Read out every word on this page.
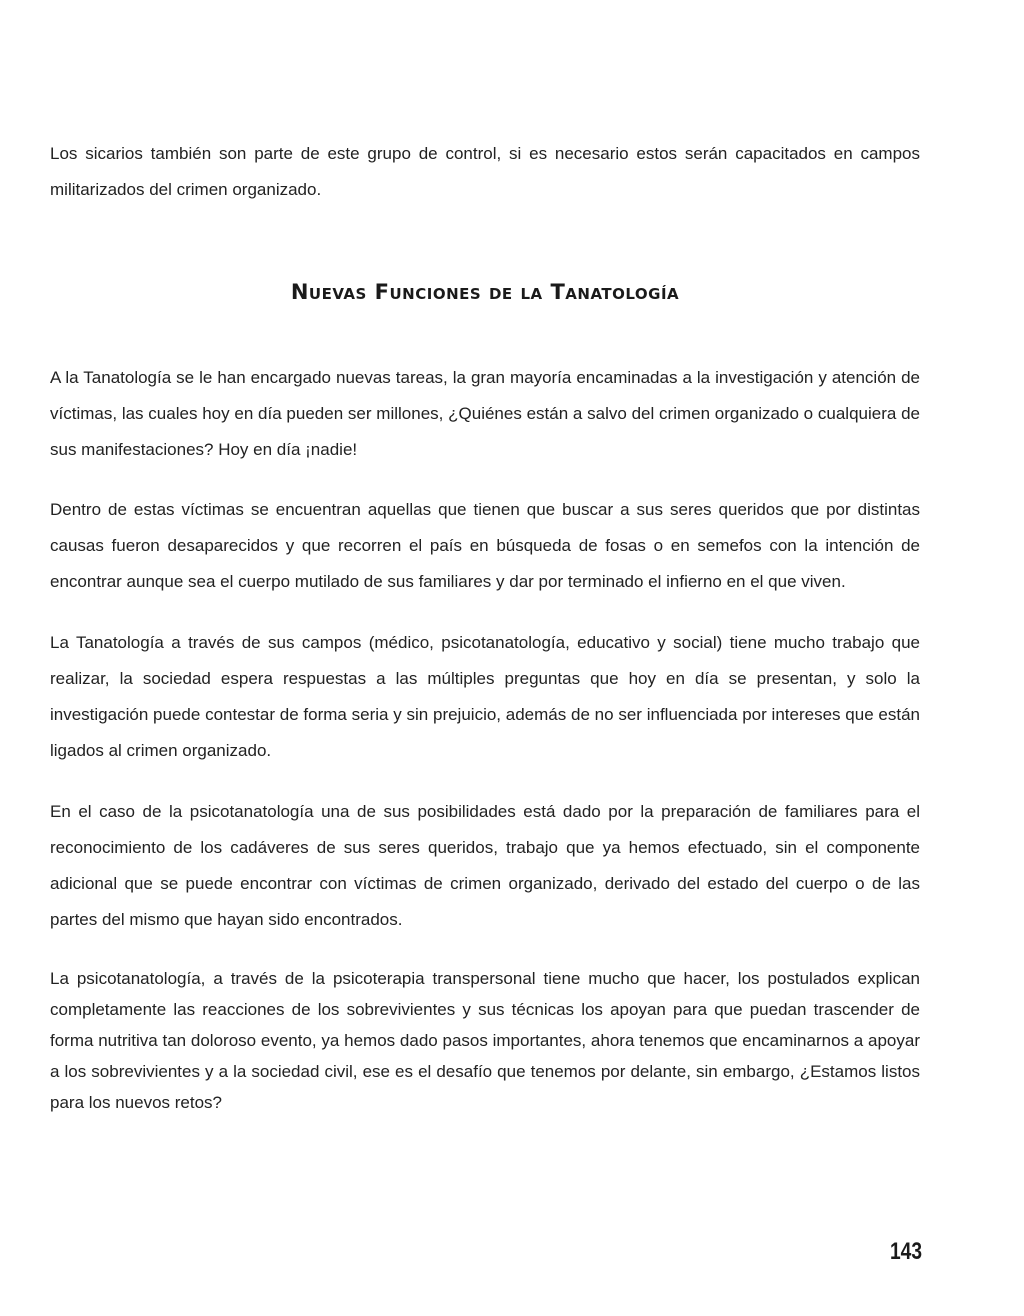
Los sicarios también son parte de este grupo de control, si es necesario estos serán capacitados en campos militarizados del crimen organizado.

Nuevas Funciones de la Tanatología

A la Tanatología se le han encargado nuevas tareas, la gran mayoría encaminadas a la investigación y atención de víctimas, las cuales hoy en día pueden ser millones, ¿Quiénes están a salvo del crimen organizado o cualquiera de sus manifestaciones? Hoy en día ¡nadie!

Dentro de estas víctimas se encuentran aquellas que tienen que buscar a sus seres queridos que por distintas causas fueron desaparecidos y que recorren el país en búsqueda de fosas o en semefos con la intención de encontrar aunque sea el cuerpo mutilado de sus familiares y dar por terminado el infierno en el que viven.

La Tanatología a través de sus campos (médico, psicotanatología, educativo y social) tiene mucho trabajo que realizar, la sociedad espera respuestas a las múltiples preguntas que hoy en día se presentan, y solo la investigación puede contestar de forma seria y sin prejuicio, además de no ser influenciada por intereses que están ligados al crimen organizado.

En el caso de la psicotanatología una de sus posibilidades está dado por la preparación de familiares para el reconocimiento de los cadáveres de sus seres queridos, trabajo que ya hemos efectuado, sin el componente adicional que se puede encontrar con víctimas de crimen organizado, derivado del estado del cuerpo o de las partes del mismo que hayan sido encontrados.

La psicotanatología, a través de la psicoterapia transpersonal tiene mucho que hacer, los postulados explican completamente las reacciones de los sobrevivientes y sus técnicas los apoyan para que puedan trascender de forma nutritiva tan doloroso evento, ya hemos dado pasos importantes, ahora tenemos que encaminarnos a apoyar a los sobrevivientes y a la sociedad civil, ese es el desafío que tenemos por delante, sin embargo, ¿Estamos listos para los nuevos retos?

143
